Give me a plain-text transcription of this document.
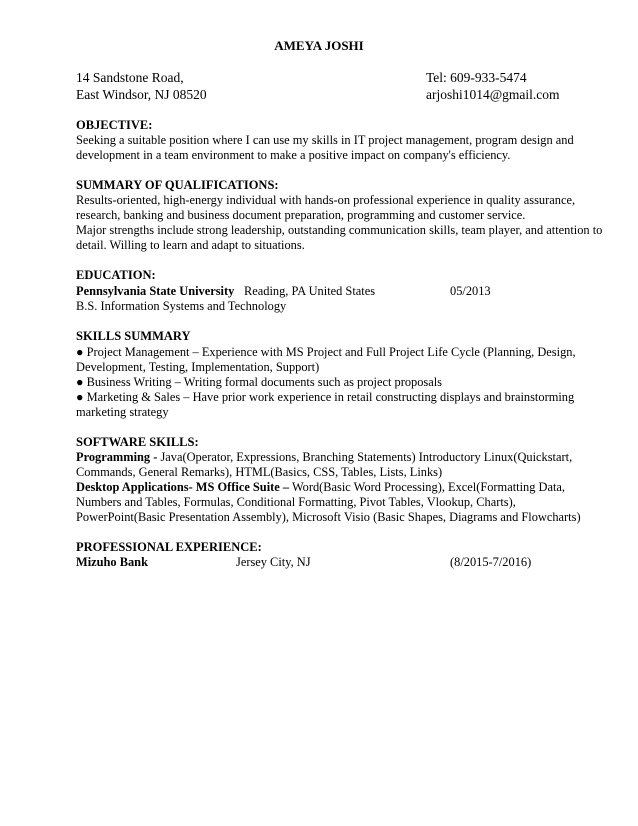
AMEYA JOSHI
14 Sandstone Road,
East Windsor, NJ 08520
Tel: 609-933-5474
arjoshi1014@gmail.com
OBJECTIVE:
Seeking a suitable position where I can use my skills in IT project management, program design and
development in a team environment to make a positive impact on company's efficiency.
SUMMARY OF QUALIFICATIONS:
Results-oriented, high-energy individual with hands-on professional experience in quality assurance,
research, banking and business document preparation, programming and customer service.
Major strengths include strong leadership, outstanding communication skills, team player, and attention to
detail. Willing to learn and adapt to situations.
EDUCATION:
Pennsylvania State University Reading, PA United States	05/2013
B.S. Information Systems and Technology
SKILLS SUMMARY
● Project Management – Experience with MS Project and Full Project Life Cycle (Planning, Design,
Development, Testing, Implementation, Support)
● Business Writing – Writing formal documents such as project proposals
● Marketing & Sales – Have prior work experience in retail constructing displays and brainstorming
marketing strategy
SOFTWARE SKILLS:
Programming - Java(Operator, Expressions, Branching Statements) Introductory Linux(Quickstart,
Commands, General Remarks), HTML(Basics, CSS, Tables, Lists, Links)
Desktop Applications- MS Office Suite – Word(Basic Word Processing), Excel(Formatting Data,
Numbers and Tables, Formulas, Conditional Formatting, Pivot Tables, Vlookup, Charts),
PowerPoint(Basic Presentation Assembly), Microsoft Visio (Basic Shapes, Diagrams and Flowcharts)
PROFESSIONAL EXPERIENCE:
Mizuho Bank	Jersey City, NJ	(8/2015-7/2016)
